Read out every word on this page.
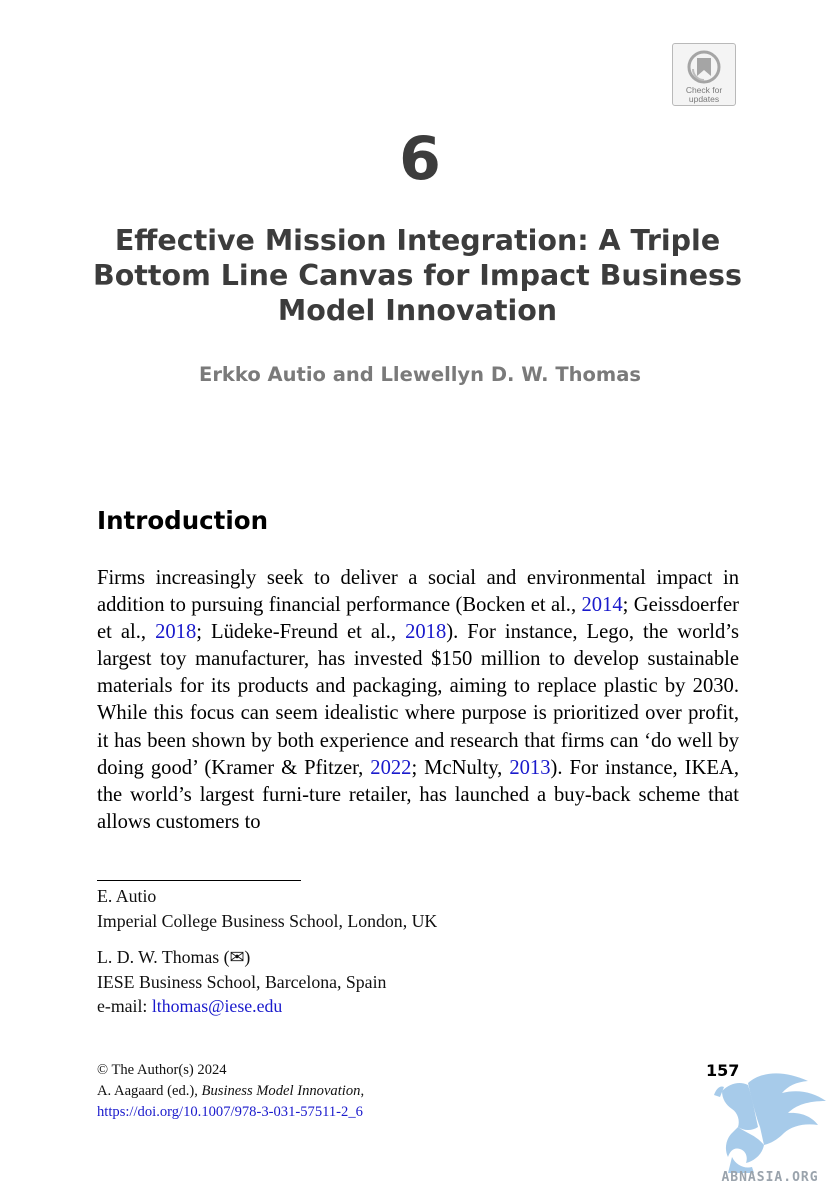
Check for
updates
6
Effective Mission Integration: A Triple Bottom Line Canvas for Impact Business Model Innovation
Erkko Autio and Llewellyn D. W. Thomas
Introduction
Firms increasingly seek to deliver a social and environmental impact in addition to pursuing financial performance (Bocken et al., 2014; Geissdoerfer et al., 2018; Lüdeke-Freund et al., 2018). For instance, Lego, the world’s largest toy manufacturer, has invested $150 million to develop sustainable materials for its products and packaging, aiming to replace plastic by 2030. While this focus can seem idealistic where purpose is prioritized over profit, it has been shown by both experience and research that firms can ‘do well by doing good’ (Kramer & Pfitzer, 2022; McNulty, 2013). For instance, IKEA, the world’s largest furni-ture retailer, has launched a buy-back scheme that allows customers to
E. Autio
Imperial College Business School, London, UK
L. D. W. Thomas (✉)
IESE Business School, Barcelona, Spain
e-mail: lthomas@iese.edu
© The Author(s) 2024
A. Aagaard (ed.), Business Model Innovation,
https://doi.org/10.1007/978-3-031-57511-2_6
157
ABNASIA.ORG
